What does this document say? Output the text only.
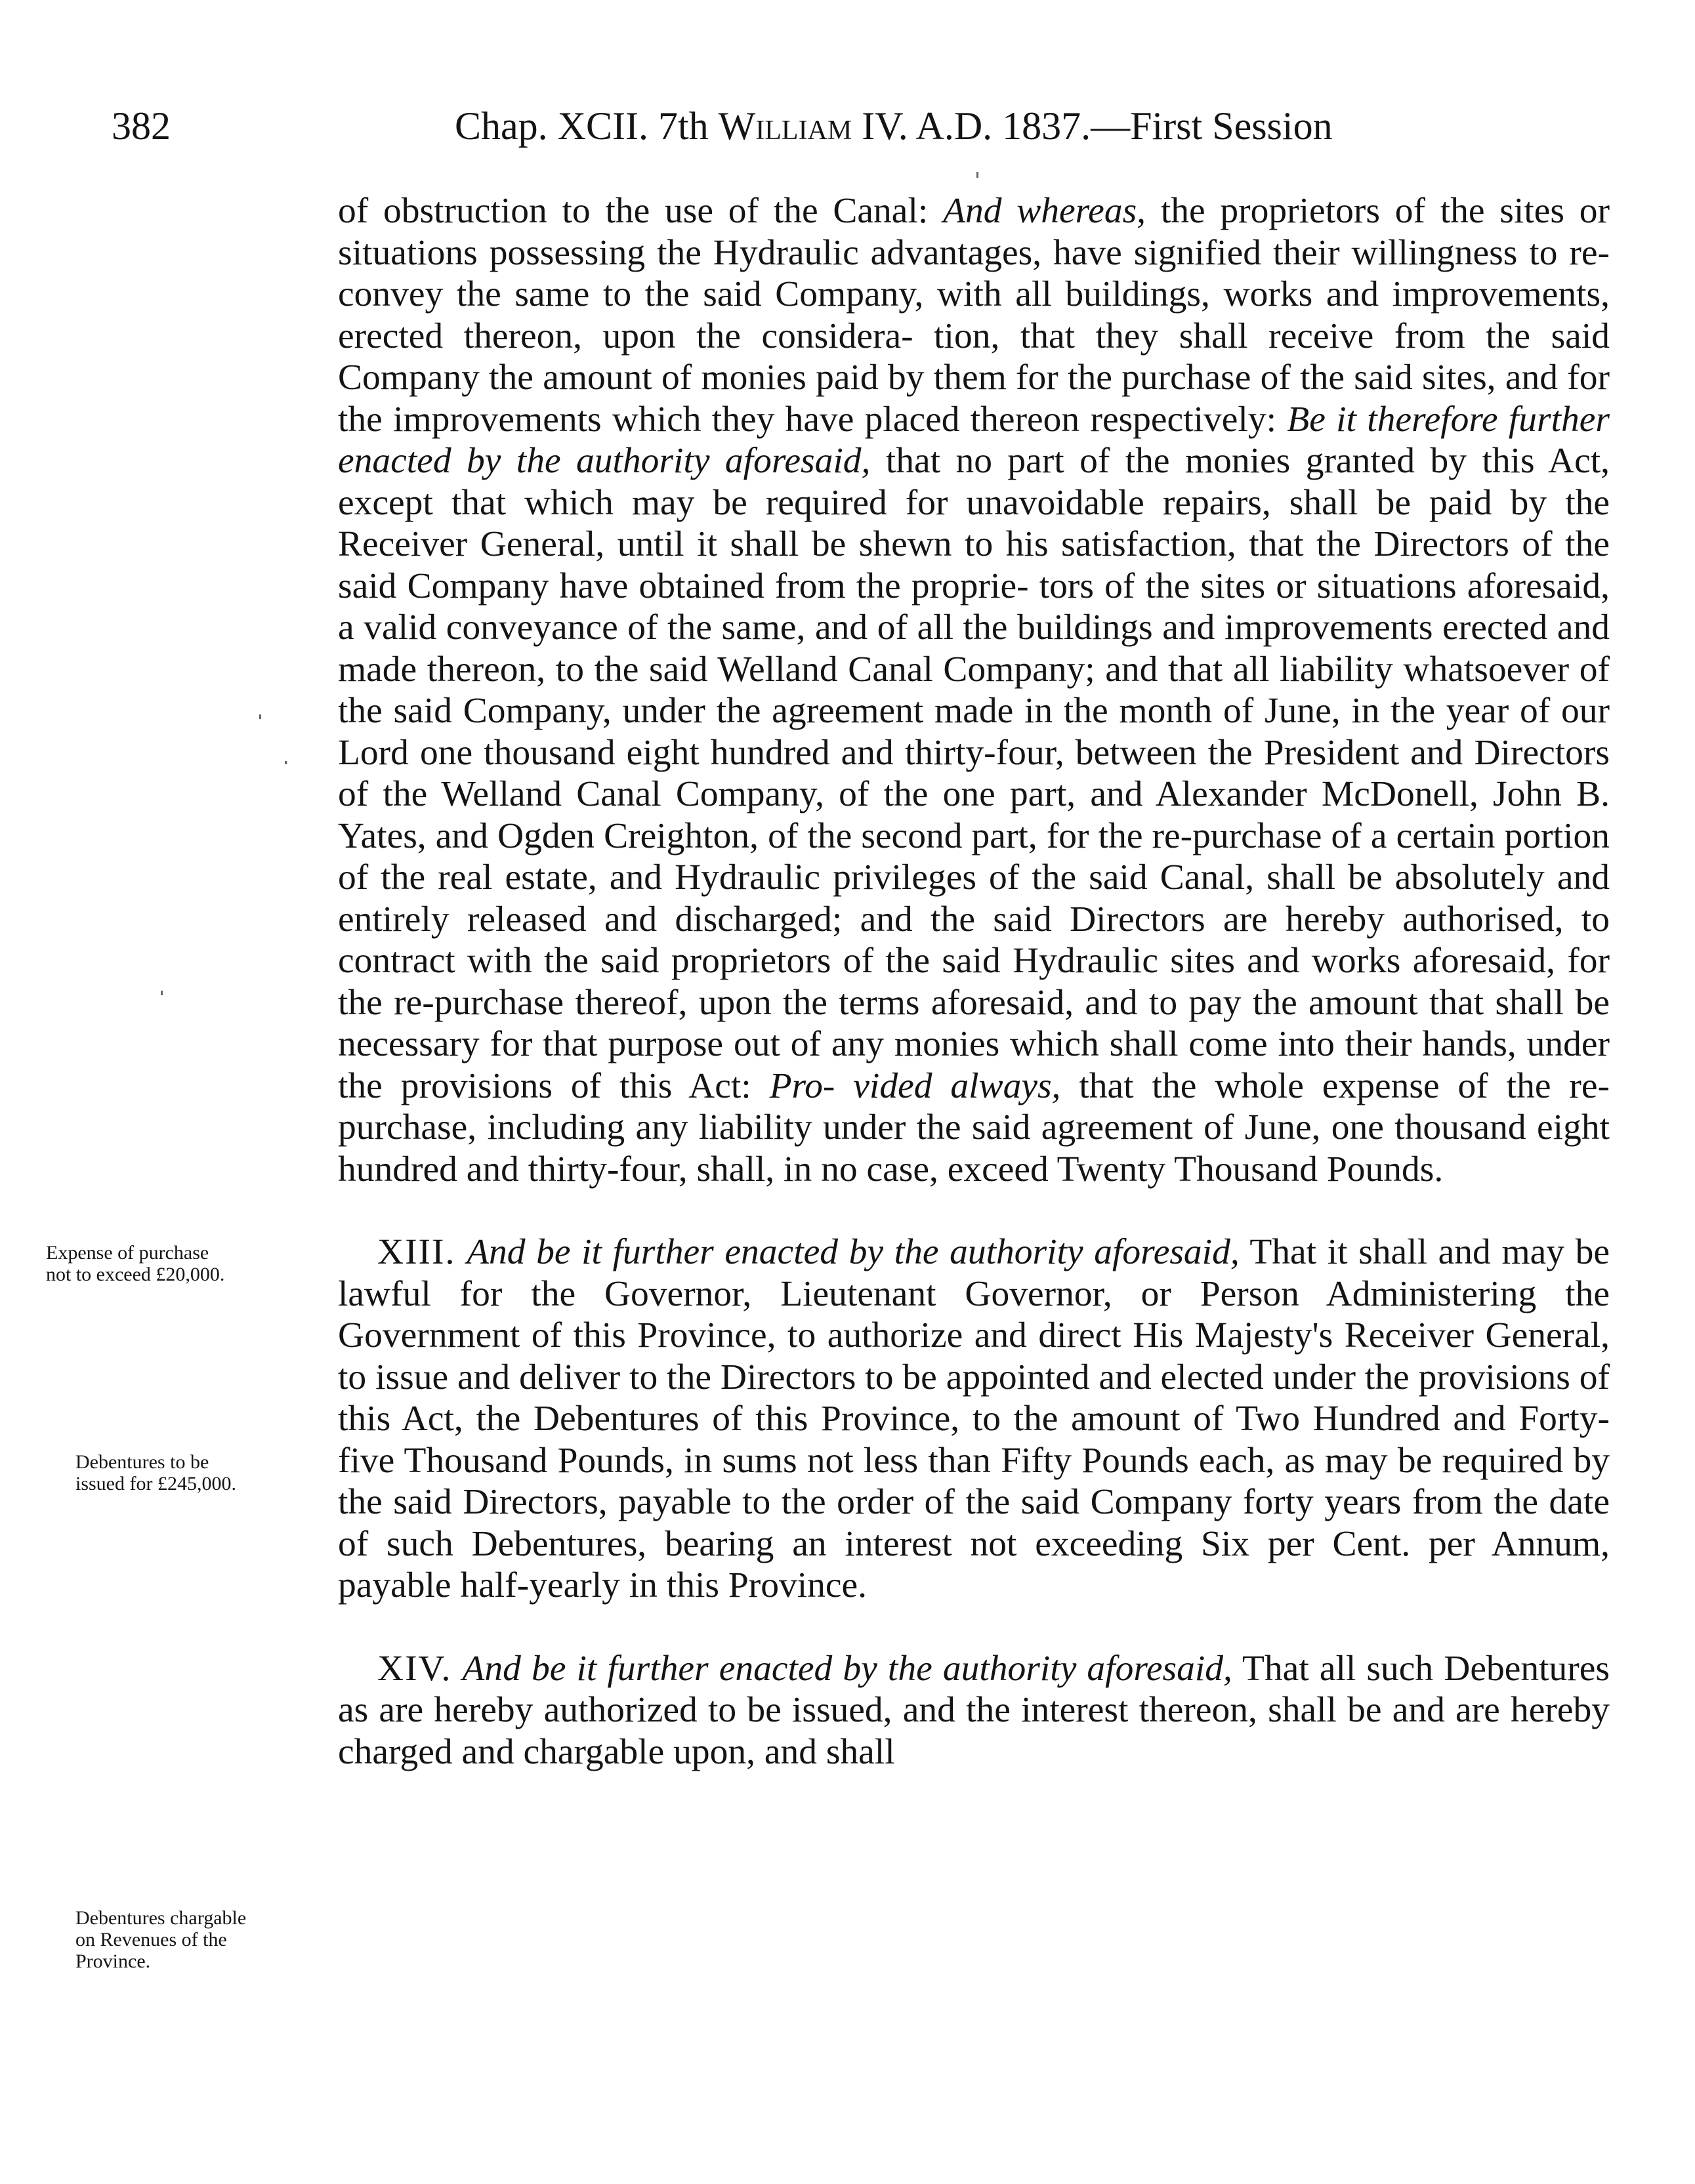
382	Chap. XCII. 7th William IV. A.D. 1837.—First Session

of obstruction to the use of the Canal: And whereas, the proprietors of the sites or situations possessing the Hydraulic advantages, have signified their willingness to re-convey the same to the said Company, with all buildings, works and improvements, erected thereon, upon the considera- tion, that they shall receive from the said Company the amount of monies paid by them for the purchase of the said sites, and for the improvements which they have placed thereon respectively: Be it therefore further enacted by the authority aforesaid, that no part of the monies granted by this Act, except that which may be required for unavoidable repairs, shall be paid by the Receiver General, until it shall be shewn to his satisfaction, that the Directors of the said Company have obtained from the proprie- tors of the sites or situations aforesaid, a valid conveyance of the same, and of all the buildings and improvements erected and made thereon, to the said Welland Canal Company; and that all liability whatsoever of the said Company, under the agreement made in the month of June, in the year of our Lord one thousand eight hundred and thirty-four, between the President and Directors of the Welland Canal Company, of the one part, and Alexander McDonell, John B. Yates, and Ogden Creighton, of the second part, for the re-purchase of a certain portion of the real estate, and Hydraulic privileges of the said Canal, shall be absolutely and entirely released and discharged; and the said Directors are hereby authorised, to contract with the said proprietors of the said Hydraulic sites and works aforesaid, for the re-purchase thereof, upon the terms aforesaid, and to pay the amount that shall be necessary for that purpose out of any monies which shall come into their hands, under the provisions of this Act: Pro- vided always, that the whole expense of the re-purchase, including any liability under the said agreement of June, one thousand eight hundred and thirty-four, shall, in no case, exceed Twenty Thousand Pounds.

XIII. And be it further enacted by the authority aforesaid, That it shall and may be lawful for the Governor, Lieutenant Governor, or Person Administering the Government of this Province, to authorize and direct His Majesty's Receiver General, to issue and deliver to the Directors to be appointed and elected under the provisions of this Act, the Debentures of this Province, to the amount of Two Hundred and Forty-five Thousand Pounds, in sums not less than Fifty Pounds each, as may be required by the said Directors, payable to the order of the said Company forty years from the date of such Debentures, bearing an interest not exceeding Six per Cent. per Annum, payable half-yearly in this Province.

XIV. And be it further enacted by the authority aforesaid, That all such Debentures as are hereby authorized to be issued, and the interest thereon, shall be and are hereby charged and chargable upon, and shall

Expense of purchase
not to exceed £20,000.
Debentures to be
issued for £245,000.
Debentures chargable
on Revenues of the
Province.
